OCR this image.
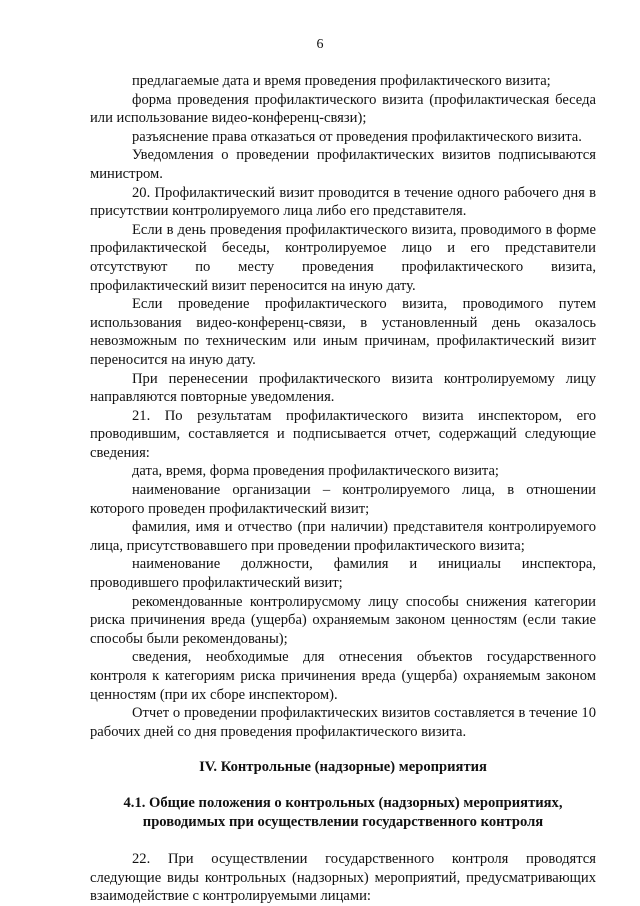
6

предлагаемые дата и время проведения профилактического визита;

форма проведения профилактического визита (профилактическая беседа или использование видео-конференц-связи);

разъяснение права отказаться от проведения профилактического визита.

Уведомления о проведении профилактических визитов подписываются министром.

20. Профилактический визит проводится в течение одного рабочего дня в присутствии контролируемого лица либо его представителя.

Если в день проведения профилактического визита, проводимого в форме профилактической беседы, контролируемое лицо и его представители отсутствуют по месту проведения профилактического визита, профилактический визит переносится на иную дату.

Если проведение профилактического визита, проводимого путем использования видео-конференц-связи, в установленный день оказалось невозможным по техническим или иным причинам, профилактический визит переносится на иную дату.

При перенесении профилактического визита контролируемому лицу направляются повторные уведомления.

21. По результатам профилактического визита инспектором, его проводившим, составляется и подписывается отчет, содержащий следующие сведения:

дата, время, форма проведения профилактического визита;

наименование организации – контролируемого лица, в отношении которого проведен профилактический визит;

фамилия, имя и отчество (при наличии) представителя контролируемого лица, присутствовавшего при проведении профилактического визита;

наименование должности, фамилия и инициалы инспектора, проводившего профилактический визит;

рекомендованные контролирусмому лицу способы снижения категории риска причинения вреда (ущерба) охраняемым законом ценностям (если такие способы были рекомендованы);

сведения, необходимые для отнесения объектов государственного контроля к категориям риска причинения вреда (ущерба) охраняемым законом ценностям (при их сборе инспектором).

Отчет о проведении профилактических визитов составляется в течение 10 рабочих дней со дня проведения профилактического визита.

IV. Контрольные (надзорные) мероприятия
4.1. Общие положения о контрольных (надзорных) мероприятиях,
проводимых при осуществлении государственного контроля

22. При осуществлении государственного контроля проводятся следующие виды контрольных (надзорных) мероприятий, предусматривающих взаимодействие с контролируемыми лицами:
